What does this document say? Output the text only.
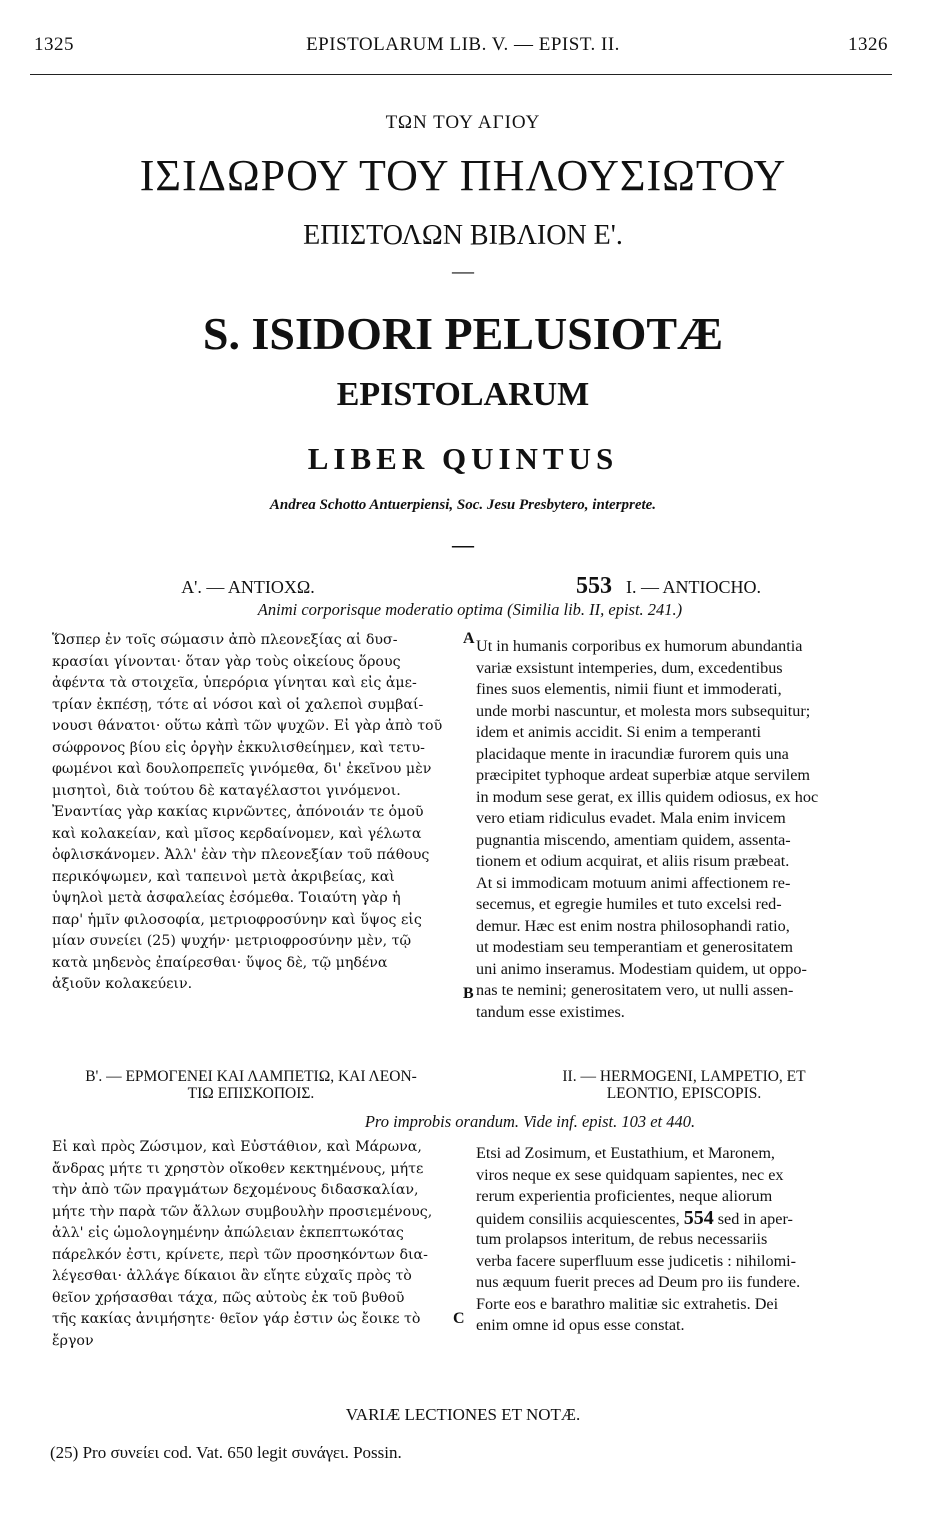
1325	EPISTOLARUM LIB. V. — EPIST. II.	1326
ΤΩΝ ΤΟΥ ΑΓΙΟΥ
ΙΣΙΔΩΡΟΥ ΤΟΥ ΠΗΛΟΥΣΙΩΤΟΥ
ΕΠΙΣΤΟΛΩΝ ΒΙΒΛΙΟΝ Ε'.
—
S. ISIDORI PELUSIOTÆ
EPISTOLARUM
LIBER QUINTUS
Andrea Schotto Antuerpiensi, Soc. Jesu Presbytero, interprete.
—
Α'. — ΑΝΤΙΟΧΩ.	553 I. — ANTIOCHO.
Animi corporisque moderatio optima (Similia lib. II, epist. 241.)
Ὥσπερ ἐν τοῖς σώμασιν ἀπὸ πλεονεξίας αἱ δυσ-
κρασίαι γίνονται· ὅταν γὰρ τοὺς οἰκείους ὅρους
ἀφέντα τὰ στοιχεῖα, ὑπερόρια γίνηται καὶ εἰς ἀμε-
τρίαν ἐκπέσῃ, τότε αἱ νόσοι καὶ οἱ χαλεποὶ συμβαί-
νουσι θάνατοι· οὕτω κἀπὶ τῶν ψυχῶν. Εἰ γὰρ ἀπὸ τοῦ
σώφρονος βίου εἰς ὀργὴν ἐκκυλισθείημεν, καὶ τετυ-
φωμένοι καὶ δουλοπρεπεῖς γινόμεθα, δι' ἐκεῖνου μὲν
μισητοὶ, διὰ τούτου δὲ καταγέλαστοι γινόμενοι.
Ἐναντίας γὰρ κακίας κιρνῶντες, ἀπόνοιάν τε ὁμοῦ
καὶ κολακείαν, καὶ μῖσος κερδαίνομεν, καὶ γέλωτα
ὀφλισκάνομεν. Ἀλλ' ἐὰν τὴν πλεονεξίαν τοῦ πάθους
περικόψωμεν, καὶ ταπεινοὶ μετὰ ἀκριβείας, καὶ
ὑψηλοὶ μετὰ ἀσφαλείας ἐσόμεθα. Τοιαύτη γὰρ ἡ
παρ' ἡμῖν φιλοσοφία, μετριοφροσύνην καὶ ὕψος εἰς
μίαν συνείει (25) ψυχήν· μετριοφροσύνην μὲν, τῷ
κατὰ μηδενὸς ἐπαίρεσθαι· ὕψος δὲ, τῷ μηδένα
ἀξιοῦν κολακεύειν.
A
B
Ut in humanis corporibus ex humorum abundantia
variæ exsistunt intemperies, dum, excedentibus
fines suos elementis, nimii fiunt et immoderati,
unde morbi nascuntur, et molesta mors subsequitur;
idem et animis accidit. Si enim a temperanti
placidaque mente in iracundiæ furorem quis una
præcipitet typhoque ardeat superbiæ atque servilem
in modum sese gerat, ex illis quidem odiosus, ex hoc
vero etiam ridiculus evadet. Mala enim invicem
pugnantia miscendo, amentiam quidem, assenta-
tionem et odium acquirat, et aliis risum præbeat.
At si immodicam motuum animi affectionem re-
secemus, et egregie humiles et tuto excelsi red-
demur. Hæc est enim nostra philosophandi ratio,
ut modestiam seu temperantiam et generositatem
uni animo inseramus. Modestiam quidem, ut oppo-
nas te nemini; generositatem vero, ut nulli assen-
tandum esse existimes.
Β'. — ΕΡΜΟΓΕΝΕΙ ΚΑΙ ΛΑΜΠΕΤΙΩ, ΚΑΙ ΛΕΟΝ-
ΤΙΩ ΕΠΙΣΚΟΠΟΙΣ.
II. — HERMOGENI, LAMPETIO, ET
LEONTIO, EPISCOPIS.
Pro improbis orandum. Vide inf. epist. 103 et 440.
Εἰ καὶ πρὸς Ζώσιμον, καὶ Εὐστάθιον, καὶ Μάρωνα,
ἄνδρας μήτε τι χρηστὸν οἴκοθεν κεκτημένους, μήτε
τὴν ἀπὸ τῶν πραγμάτων δεχομένους διδασκαλίαν,
μήτε τὴν παρὰ τῶν ἄλλων συμβουλὴν προσιεμένους,
ἀλλ' εἰς ὡμολογημένην ἀπώλειαν ἐκπεπτωκότας
πάρελκόν ἐστι, κρίνετε, περὶ τῶν προσηκόντων δια-
λέγεσθαι· ἀλλάγε δίκαιοι ἂν εἴητε εὐχαῖς πρὸς τὸ
θεῖον χρήσασθαι τάχα, πῶς αὐτοὺς ἐκ τοῦ βυθοῦ
τῆς κακίας ἀνιμήσητε· θεῖον γάρ ἐστιν ὡς ἔοικε τὸ
ἔργον
C
Etsi ad Zosimum, et Eustathium, et Maronem,
viros neque ex sese quidquam sapientes, nec ex
rerum experientia proficientes, neque aliorum
quidem consiliis acquiescentes, 554 sed in aper-
tum prolapsos interitum, de rebus necessariis
verba facere superfluum esse judicetis : nihilomi-
nus æquum fuerit preces ad Deum pro iis fundere.
Forte eos e barathro malitiæ sic extrahetis. Dei
enim omne id opus esse constat.
VARIÆ LECTIONES ET NOTÆ.
(25) Pro συνείει cod. Vat. 650 legit συνάγει. Possin.
